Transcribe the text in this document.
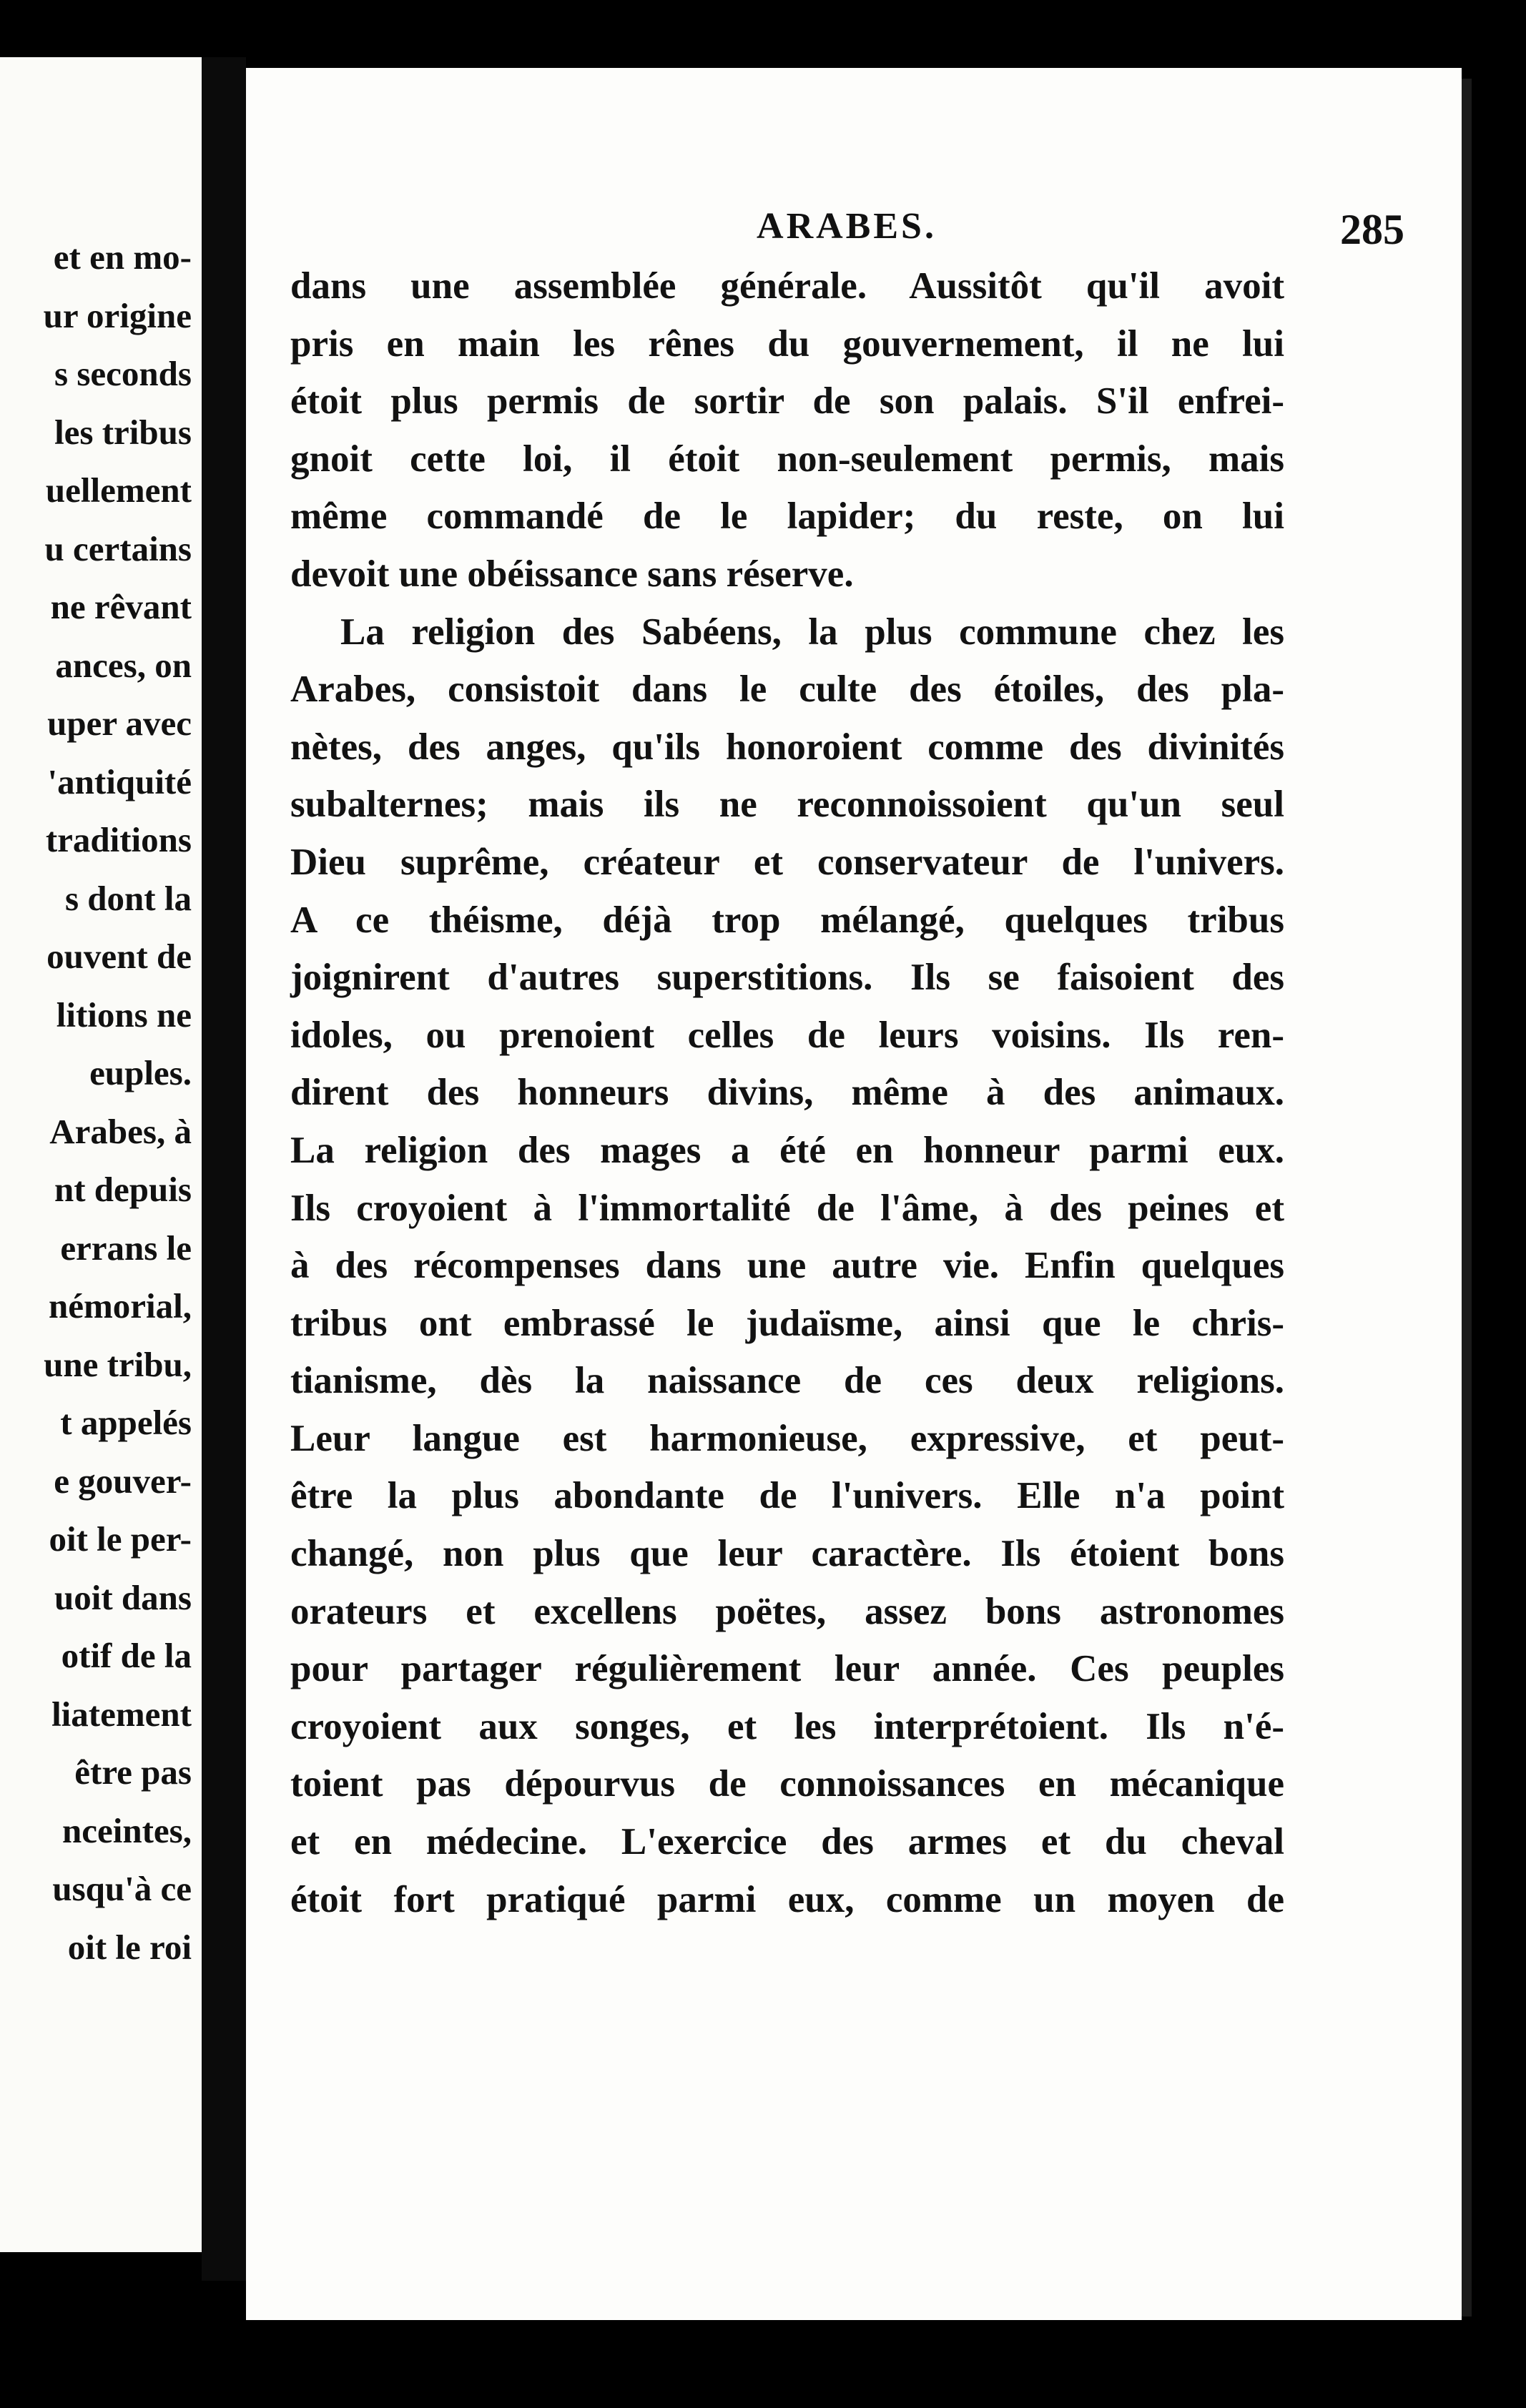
et en mo-
ur origine
s seconds
les tribus
uellement
u certains
ne rêvant
ances, on
uper avec
'antiquité
traditions
s dont la
ouvent de
litions ne
euples.
Arabes, à
nt depuis
errans le
némorial,
une tribu,
t appelés
e gouver-
oit le per-
uoit dans
otif de la
liatement
être pas
nceintes,
usqu'à ce
oit le roi
ARABES.	285
dans une assemblée générale. Aussitôt qu'il avoit
pris en main les rênes du gouvernement, il ne lui
étoit plus permis de sortir de son palais. S'il enfrei-
gnoit cette loi, il étoit non-seulement permis, mais
même commandé de le lapider; du reste, on lui
devoit une obéissance sans réserve.
La religion des Sabéens, la plus commune chez les
Arabes, consistoit dans le culte des étoiles, des pla-
nètes, des anges, qu'ils honoroient comme des divinités
subalternes; mais ils ne reconnoissoient qu'un seul
Dieu suprême, créateur et conservateur de l'univers.
A ce théisme, déjà trop mélangé, quelques tribus
joignirent d'autres superstitions. Ils se faisoient des
idoles, ou prenoient celles de leurs voisins. Ils ren-
dirent des honneurs divins, même à des animaux.
La religion des mages a été en honneur parmi eux.
Ils croyoient à l'immortalité de l'âme, à des peines et
à des récompenses dans une autre vie. Enfin quelques
tribus ont embrassé le judaïsme, ainsi que le chris-
tianisme, dès la naissance de ces deux religions.
Leur langue est harmonieuse, expressive, et peut-
être la plus abondante de l'univers. Elle n'a point
changé, non plus que leur caractère. Ils étoient bons
orateurs et excellens poëtes, assez bons astronomes
pour partager régulièrement leur année. Ces peuples
croyoient aux songes, et les interprétoient. Ils n'é-
toient pas dépourvus de connoissances en mécanique
et en médecine. L'exercice des armes et du cheval
étoit fort pratiqué parmi eux, comme un moyen de
